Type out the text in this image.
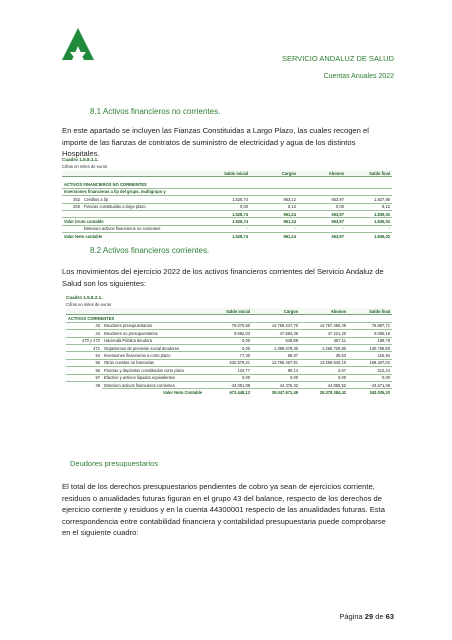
SERVICIO ANDALUZ DE SALUD
Cuentas Anuales 2022
8.1 Activos financieros no corrientes.

En este apartado se incluyen las Fianzas Constituidas a Largo Plazo, las cuales recogen el importe de las fianzas de contratos de suministro de electricidad y agua de los distintos Hospitales.

Cuadro 1.5.8.1.1.
Cifras en miles de euros
		Saldo inicial	Cargos	Abonos	Saldo final

ACTIVOS FINANCIEROS NO CORRIENTES					
Inversiones financieras a l/p del grupo, multigrupo y					
252	Créditos a l/p	1.528,74	963,12	653,97	1.827,90
260	Fianzas constituidas a largo plazo	0,00	8,12	0,00	8,12
		1.528,74	961,24	653,97	1.836,02
Valor bruto contable		1.528,74	961,24	653,97	1.836,02
	Deterioro activos financieros no corrientes	-	-	-	-
Valor Neto contable		1.528,74	961,24	653,97	1.836,02
8.2 Activos financieros corrientes.

Los movimientos del ejercicio 2022 de los activos financieros corrientes del Servicio Andaluz de Salud son los siguientes:

Cuadro 1.5.8.2.1.
Cifras en miles de euros
		Saldo inicial	Cargos	Abonos	Saldo final
ACTIVOS CORRIENTES					
43	Deudores presupuestarios	75.076,50	14.759.247,70	14.757.456,49	76.867,71
44	Deudores no presupuestarios	9.682,03	47.594,36	47.221,20	9.055,19
470 y 472	Hacienda Pública deudora	0,00	646,89	457,11	189,78
471	Organismos de previsión social deudores	0,00	1.399.479,30	1.268.720,80	130.758,50
54	Inversiones financieras a corto plazo	77,40	68,97	30,53	115,84
55	Otras cuentas no bancarias	632.579,31	12.796.467,81	13.259.640,10	169.407,02
56	Fianzas y depósitos constituidos corto plazo	124,77	90,14	2,67	212,24
57	Efectivo y activos líquidos equivalentes	0,00	0,00	0,00	0,00
49	Deterioro activos financieros corrientes	-43.091,88	44.376,32	44.855,52	-43.571,08
	Valor Neto Contable	673.448,13	29.047.971,49	29.378.384,42	343.035,20
Deudores presupuestarios

El total de los derechos presupuestarios pendientes de cobro ya sean de ejercicios corriente, residuos o anualidades futuras figuran en el grupo 43 del balance, respecto de los derechos de ejercicio corriente y residuos y en la cuenta 44300001 respecto de las anualidades futuras. Esta correspondencia entre contabilidad financiera y contabilidad presupuestaria puede comprobarse en el siguiente cuadro:

Página 29 de 63
